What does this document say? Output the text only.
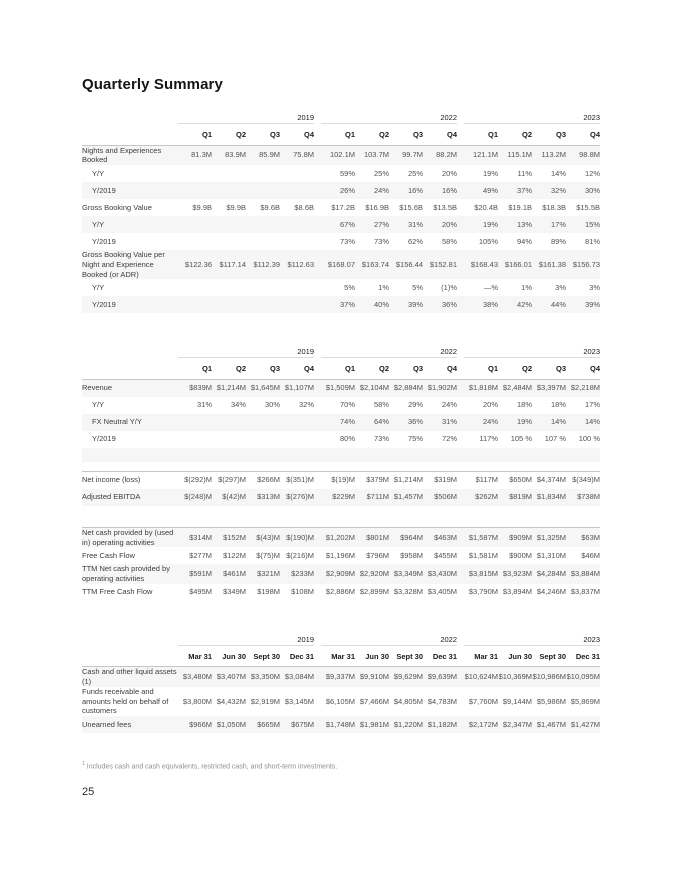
Quarterly Summary
	2019					2022					2023			
	Q1	Q2	Q3	Q4		Q1	Q2	Q3	Q4		Q1	Q2	Q3	Q4
Nights and Experiences Booked	81.3M	83.9M	85.9M	75.8M		102.1M	103.7M	99.7M	88.2M		121.1M	115.1M	113.2M	98.8M
Y/Y						59%	25%	25%	20%		19%	11%	14%	12%
Y/2019						26%	24%	16%	16%		49%	37%	32%	30%
Gross Booking Value	$9.9B	$9.9B	$9.6B	$8.6B		$17.2B	$16.9B	$15.6B	$13.5B		$20.4B	$19.1B	$18.3B	$15.5B
Y/Y						67%	27%	31%	20%		19%	13%	17%	15%
Y/2019						73%	73%	62%	58%		105%	94%	89%	81%
Gross Booking Value per Night and Experience Booked (or ADR)	$122.36	$117.14	$112.39	$112.63		$168.07	$163.74	$156.44	$152.81		$168.43	$166.01	$161.38	$156.73
Y/Y						5%	1%	5%	(1)%		—%	1%	3%	3%
Y/2019						37%	40%	39%	36%		38%	42%	44%	39%
	2019					2022					2023			
	Q1	Q2	Q3	Q4		Q1	Q2	Q3	Q4		Q1	Q2	Q3	Q4
Revenue	$839M	$1,214M	$1,645M	$1,107M		$1,509M	$2,104M	$2,884M	$1,902M		$1,818M	$2,484M	$3,397M	$2,218M
Y/Y	31%	34%	30%	32%		70%	58%	29%	24%		20%	18%	18%	17%
FX Neutral Y/Y						74%	64%	36%	31%		24%	19%	14%	14%
Y/2019						80%	73%	75%	72%		117%	105 %	107 %	100 %

Net income (loss)	$(292)M	$(297)M	$266M	$(351)M		$(19)M	$379M	$1,214M	$319M		$117M	$650M	$4,374M	$(349)M
Adjusted EBITDA	$(248)M	$(42)M	$313M	$(276)M		$229M	$711M	$1,457M	$506M		$262M	$819M	$1,834M	$738M

Net cash provided by (used in) operating activities	$314M	$152M	$(43)M	$(190)M		$1,202M	$801M	$964M	$463M		$1,587M	$909M	$1,325M	$63M
Free Cash Flow	$277M	$122M	$(75)M	$(216)M		$1,196M	$796M	$958M	$455M		$1,581M	$900M	$1,310M	$46M
TTM Net cash provided by operating activities	$591M	$461M	$321M	$233M		$2,909M	$2,920M	$3,349M	$3,430M		$3,815M	$3,923M	$4,284M	$3,884M
TTM Free Cash Flow	$495M	$349M	$198M	$108M		$2,886M	$2,899M	$3,328M	$3,405M		$3,790M	$3,894M	$4,246M	$3,837M
	2019					2022					2023			
	Mar 31	Jun 30	Sept 30	Dec 31		Mar 31	Jun 30	Sept 30	Dec 31		Mar 31	Jun 30	Sept 30	Dec 31
Cash and other liquid assets (1)	$3,480M	$3,407M	$3,350M	$3,084M		$9,337M	$9,910M	$9,629M	$9,639M		$10,624M	$10,369M	$10,986M	$10,095M
Funds receivable and amounts held on behalf of customers	$3,800M	$4,432M	$2,919M	$3,145M		$6,105M	$7,466M	$4,805M	$4,783M		$7,760M	$9,144M	$5,986M	$5,869M
Unearned fees	$966M	$1,050M	$665M	$675M		$1,748M	$1,981M	$1,220M	$1,182M		$2,172M	$2,347M	$1,467M	$1,427M

$^1$ Includes cash and cash equivalents, restricted cash, and short-term investments.

25
